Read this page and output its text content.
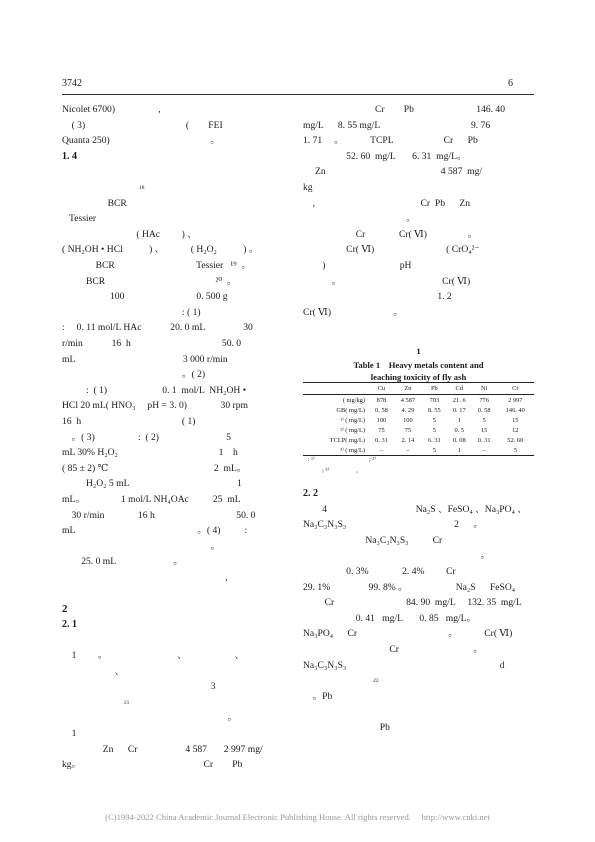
3742	6
Nicolet 6700)                  ,
( 3)                                          (        FEI
Quanta 250)                                          。
1. 4
18
BCR
Tessier
( HAc         ) 、
( NH₂OH • HCl           ) 、           ( H₂O₂           ) 。
BCR                                  Tessier   ¹⁹  。
BCR                                              ²⁰  。
100                              0. 500 g
: ( 1)
:     0. 11 mol/L HAc            20. 0 mL                30
r/min            16  h                                      50. 0
mL                                             3 000 r/min
。( 2)
:  ( 1)                       0. 1  mol/L  NH₂OH •
HCl 20 mL( HNO₃     pH = 3. 0)              30 rpm
16  h                                          ( 1)
。( 3)                  :  ( 2)                            5
mL 30% H₂O₂                                          1    h
( 85 ± 2) ℃                                            2  mL。
H₂O₂ 5 mL                                             1
mL。               1 mol/L NH₄OAc          25  mL
30 r/min              16 h                                  50. 0
mL                                                   。( 4)          :
。
25. 0 mL                        。
,
2
2. 1
1         。                             、                    、
、
3
21
。
1
Zn      Cr                    4 587       2 997 mg/
kg。                                                   Cr        Pb
Cr        Pb                          146. 40
mg/L      8. 55 mg/L                                      9. 76
1. 71     。           TCPL                     Cr      Pb
52. 60  mg/L       6. 31  mg/L。
Zn                                                4 587  mg/
kg
,                                            Cr  Pb      Zn
。
Cr              Cr( Ⅵ)                 。
Cr( Ⅵ)                              ( CrO₄²⁻
)                               pH
。                                          Cr( Ⅵ)
1. 2
Cr( Ⅵ)                          。
1
Table 1    Heavy metals content and
leaching toxicity of fly ash
	Cu	Zn	Pb	Cd	Ni	Cr
( mg/kg)	878	4 587	703	21. 6	776	2 997
GB( mg/L)	0. 58	4. 29	8. 55	0. 17	0. 58	146. 40
¹⁾ ( mg/L)	100	100	5	1	5	15
²⁾ ( mg/L)	75	75	5	0. 5	15	12
TCLP( mg/L)	0. 31	2. 14	6. 31	0. 08	0. 31	52. 60
³⁾ ( mg/L)	–	–	5	1	–	5
: ¹⁾                                  ; ²⁾
; ³⁾                 ,
2. 2
4                                     Na₂S 、FeSO₄ 、Na₃PO₄ 、
Na₃C₃N₃S₃                                             2      。
Na₃C₃N₃S₃          Cr
。
0. 3%              2. 4%         Cr
29. 1%                99. 8% 。                    Na₂S      FeSO₄
Cr                              84. 90  mg/L     132. 35  mg/L
0. 41   mg/L       0. 85   mg/L。
Na₃PO₄      Cr                                      。           Cr( Ⅵ)
Cr                               。
Na₃C₃N₃S₃                                                                d
22
。Pb
Pb
(C)1994-2022 China Academic Journal Electronic Publishing House. All rights reserved.     http://www.cnki.net
